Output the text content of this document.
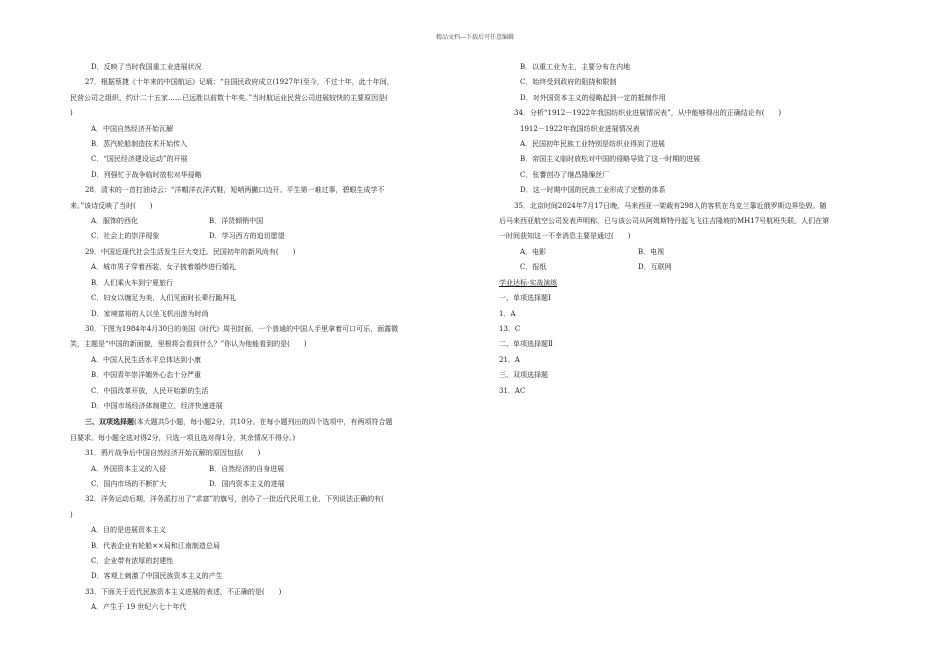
精品文档---下载后可任意编辑
D．反映了当时我国重工业进展状况
27．根据蔡捷《十年来的中国航运》记载：“自国民政府成立(1927年)至今，不过十年，此十年间，
民营公司之组织，约计二十五家……已远胜以前数十年矣。”当时航运业民营公司进展较快的主要原因是(
)
A．中国自然经济开始瓦解
B．蒸汽轮船制造技术开始传入
C．“国民经济建设运动”的开展
D．列强忙于战争临时放松对华侵略
28．清末的一首打油诗云：“洋帽洋衣洋式鞋，短哨两撇口边开。平生第一难过事，碧眼生成学不
来。”该诗反映了当时(　　)
A．服饰的西化	B．洋货倾销中国
C．社会上的崇洋现象	D．学习西方的迫切愿望
29．中国近现代社会生活发生巨大变迁。民国初年的新风尚有(　　)
A．城市男子穿着西装，女子披着婚纱进行婚礼
B．人们乘火车到宁夏旅行
C．妇女以缠足为美，人们见面时长辈行跪拜礼
D．家境富裕的人以坐飞机出游为时尚
30．下图为1984年4月30日的美国《时代》周刊封面，一个普通的中国人手里拿着可口可乐，面露微
笑，主题是“中国的新面貌，里根将会看到什么？”你认为他能看到的是(　　)
A．中国人民生活水平总体达到小康
B．中国青年崇洋媚外心态十分严重
C．中国改革开放，人民开始新的生活
D．中国市场经济体制建立，经济快速进展
三、双项选择题(本大题共5小题，每小题2分，共10分。在每小题列出的四个选项中，有两项符合题
目要求。每小题全选对得2分，只选一项且选对得1分，其余情况不得分。)
31．鸦片战争后中国自然经济开始瓦解的原因包括(　　)
A．外国资本主义的入侵	B．自然经济的自身进展
C．国内市场的不断扩大	D．国内资本主义的进展
32．洋务运动后期，洋务派打出了“求富”的旗号，创办了一批近代民用工业，下列说法正确的有(
)
A．目的是进展资本主义
B．代表企业有轮船××局和江南制造总局
C．企业带有浓厚的封建性
D．客观上刺激了中国民族资本主义的产生
33．下面关于近代民族资本主义进展的表述，不正确的是(　　)
A．产生于 19 世纪六七十年代
B．以重工业为主，主要分布在内地
C．始终受到政府的阻挠和限制
D．对外国资本主义的侵略起到一定的抵制作用
34．分析“1912－1922年我国纺织业进展情况表”，从中能够得出的正确结论有(　　)
1912－1922年我国纺织业进展情况表
A．民国初年民族工业特别是纺织业得到了进展
B．帝国主义临时放松对中国的侵略导致了这一时期的进展
C．张謇创办了继昌隆缫丝厂
D．这一时期中国的民族工业形成了完整的体系
35．北京时间2024年7月17日晚，马来西亚一架载有298人的客机在乌克兰靠近俄罗斯边界坠毁。随
后马来西亚航空公司发表声明称，已与该公司从阿姆斯特丹起飞飞往吉隆坡的MH17号航班失联。人们在第
一时间获知这一不幸消息主要是通过(　　)
A．电影	B．电视
C．报纸	D．互联网
学业达标·实战演练
一、单项选择题Ⅰ
1．A
13．C
二、单项选择题Ⅱ
21．A
三、双项选择题
31．AC
